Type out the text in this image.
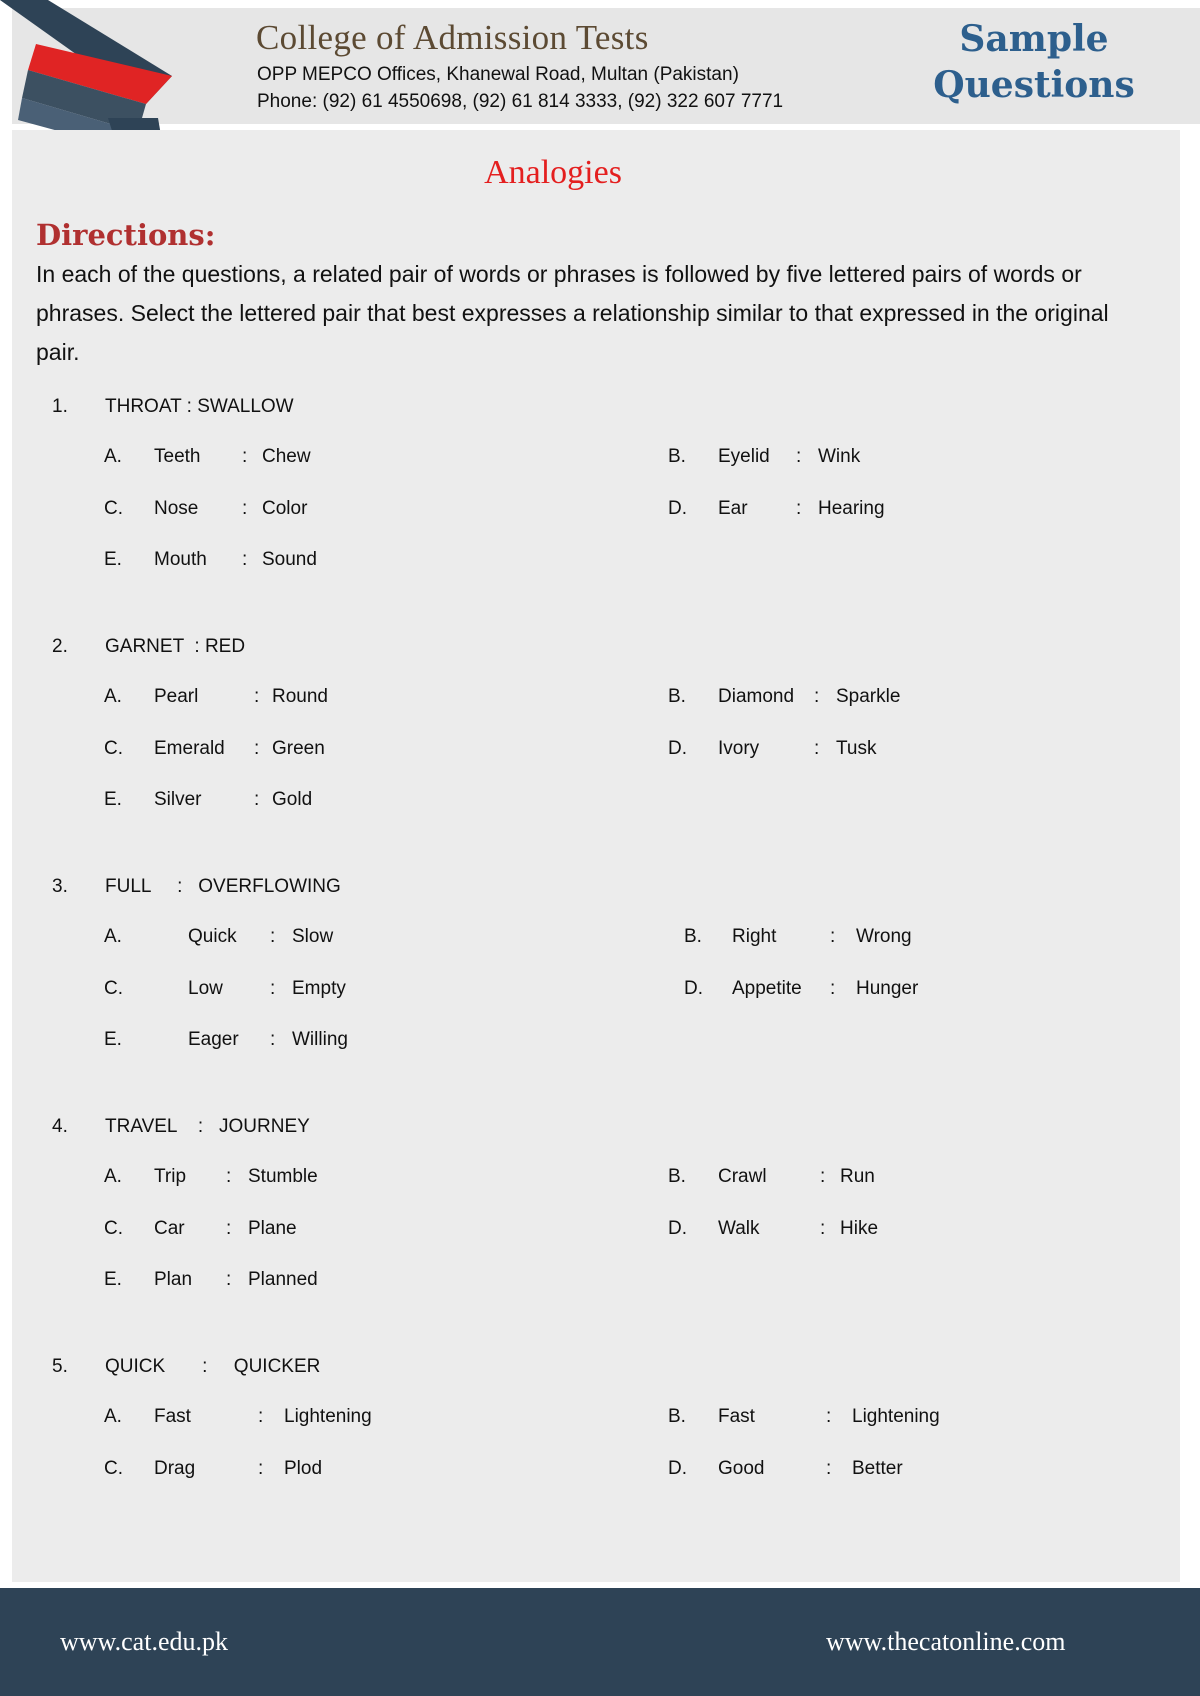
College of Admission Tests
OPP MEPCO Offices, Khanewal Road, Multan (Pakistan)
Phone: (92) 61 4550698, (92) 61 814 3333, (92) 322 607 7771
Sample
Questions
Analogies
Directions:
In each of the questions, a related pair of words or phrases is followed by five lettered pairs of words or phrases. Select the lettered pair that best expresses a relationship similar to that expressed in the original pair.
1. THROAT : SWALLOW
A. Teeth : Chew	B. Eyelid : Wink
C. Nose : Color	D. Ear	: Hearing
E. Mouth : Sound
2. GARNET  : RED
A. Pearl	: Round	B. Diamond : Sparkle
C. Emerald : Green	D. Ivory	: Tusk
E. Silver	: Gold
3. FULL     :   OVERFLOWING
A.	Quick : Slow	B. Right	: Wrong
C.	Low : Empty	D. Appetite : Hunger
E.	Eager : Willing
4. TRAVEL    :   JOURNEY
A. Trip : Stumble	B. Crawl	: Run
C. Car : Plane	D. Walk	: Hike
E. Plan : Planned
5. QUICK       :     QUICKER
A. Fast	: Lightening	B. Fast	: Lightening
C. Drag	: Plod	D. Good	: Better
www.cat.edu.pk	www.thecatonline.com
